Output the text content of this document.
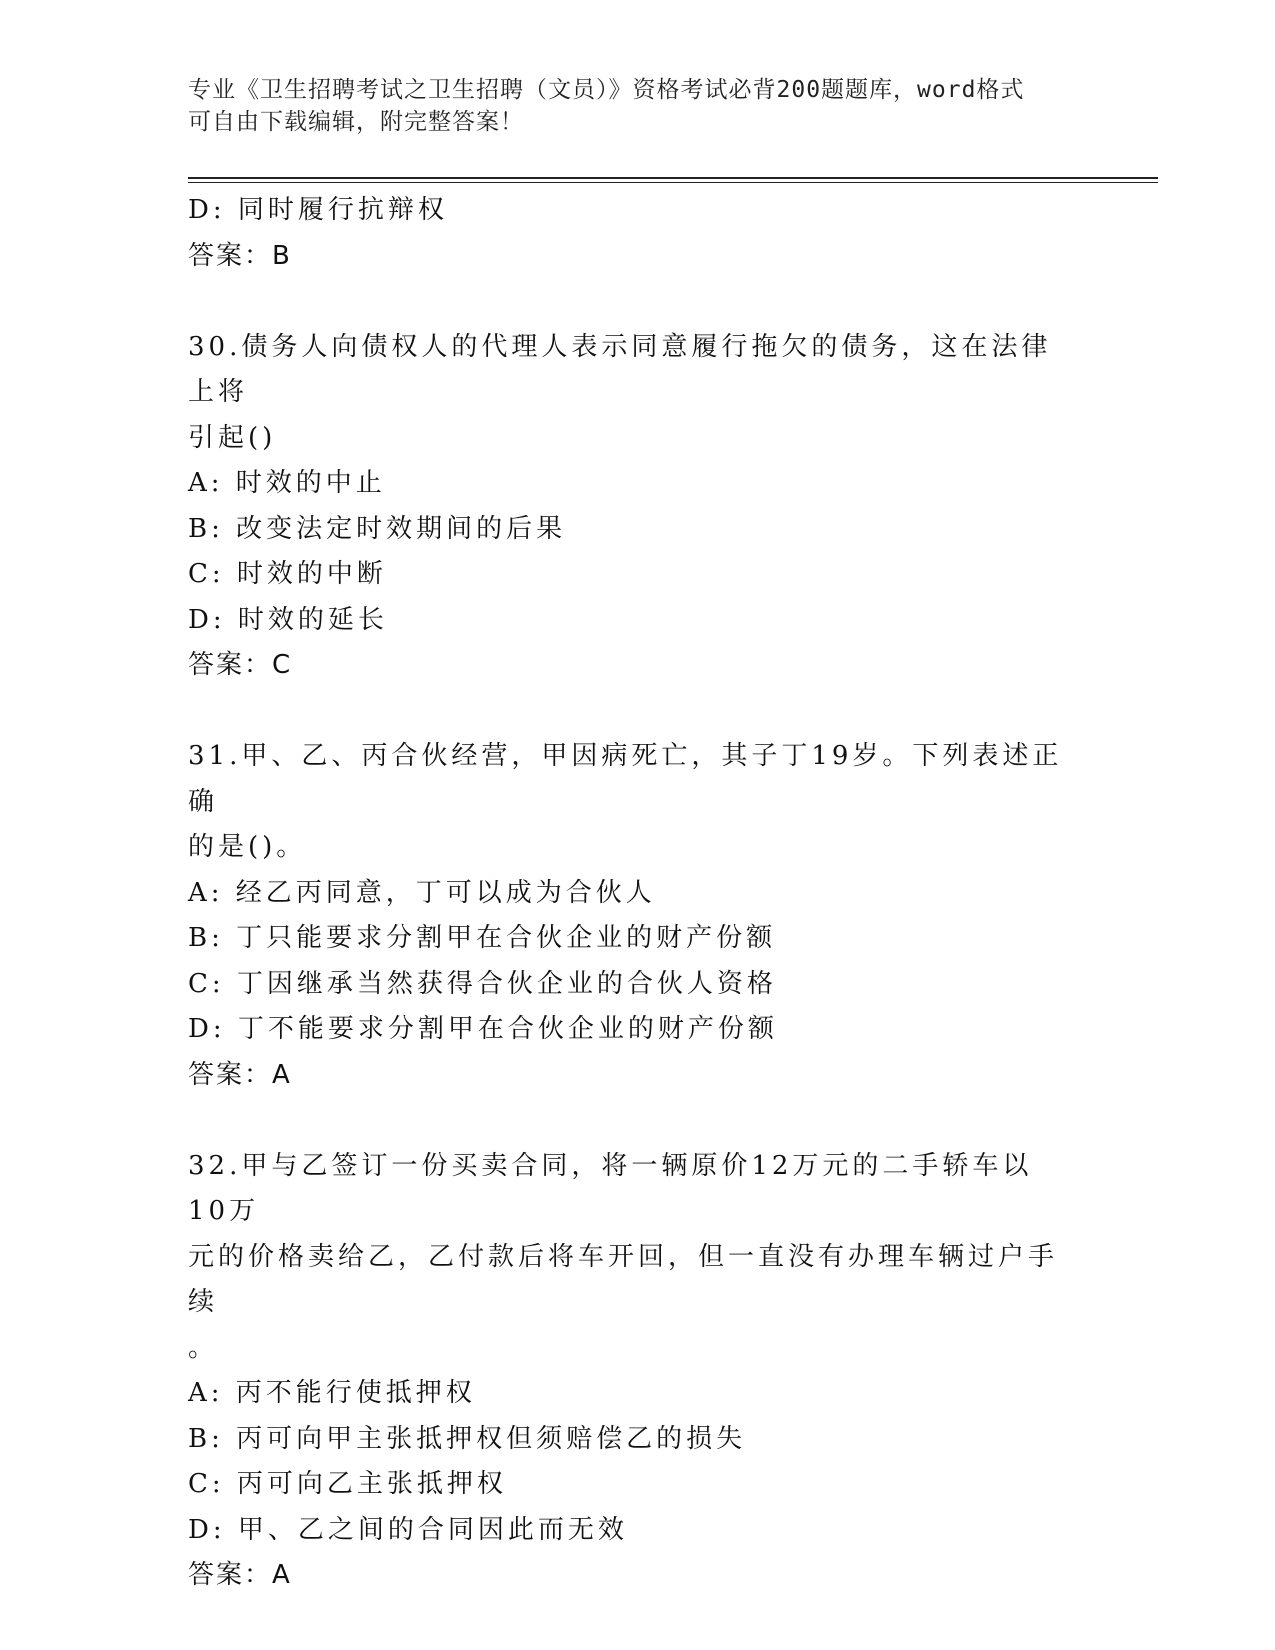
专业《卫生招聘考试之卫生招聘（文员）》资格考试必背200题题库，word格式
可自由下载编辑，附完整答案！
D: 同时履行抗辩权
答案：B
30.债务人向债权人的代理人表示同意履行拖欠的债务，这在法律上将
引起()
A: 时效的中止
B: 改变法定时效期间的后果
C: 时效的中断
D: 时效的延长
答案：C
31.甲、乙、丙合伙经营，甲因病死亡，其子丁19岁。下列表述正确
的是()。
A: 经乙丙同意，丁可以成为合伙人
B: 丁只能要求分割甲在合伙企业的财产份额
C: 丁因继承当然获得合伙企业的合伙人资格
D: 丁不能要求分割甲在合伙企业的财产份额
答案：A
32.甲与乙签订一份买卖合同，将一辆原价12万元的二手轿车以10万
元的价格卖给乙，乙付款后将车开回，但一直没有办理车辆过户手续
。
A: 丙不能行使抵押权
B: 丙可向甲主张抵押权但须赔偿乙的损失
C: 丙可向乙主张抵押权
D: 甲、乙之间的合同因此而无效
答案：A
